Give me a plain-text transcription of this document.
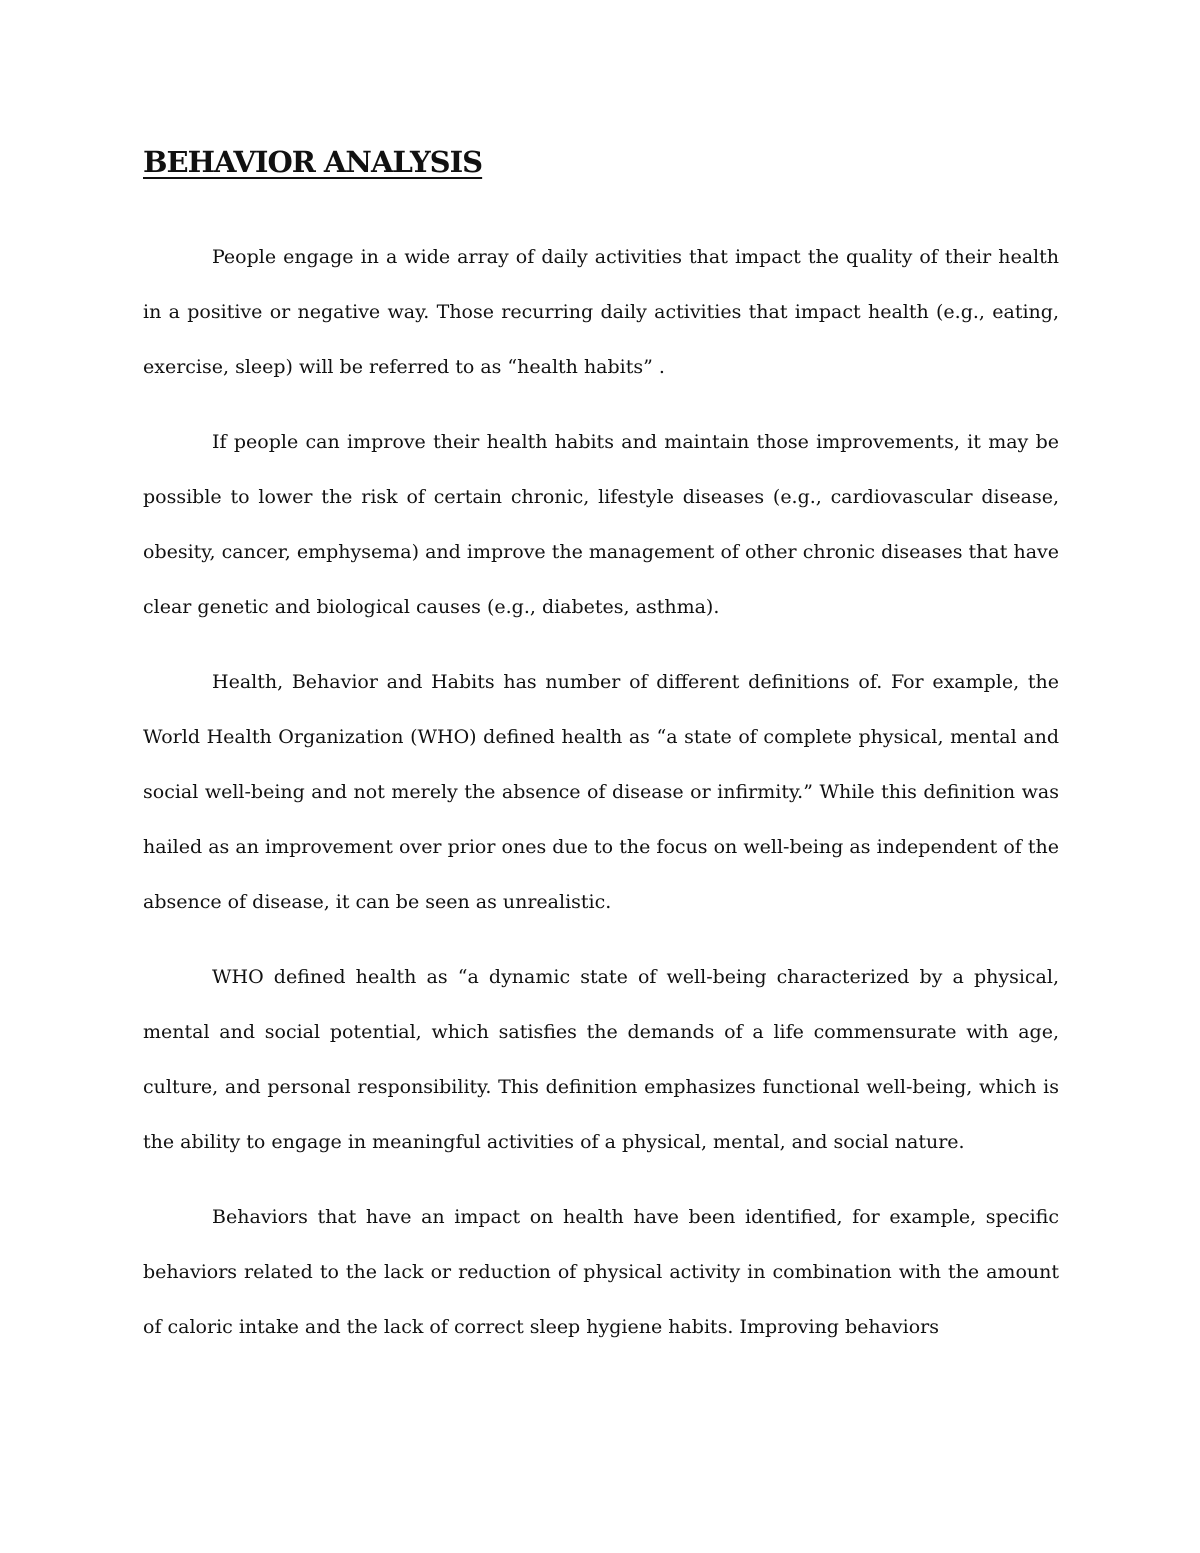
BEHAVIOR ANALYSIS

People engage in a wide array of daily activities that impact the quality of their health in a positive or negative way. Those recurring daily activities that impact health (e.g., eating, exercise, sleep) will be referred to as “health habits” .

If people can improve their health habits and maintain those improvements, it may be possible to lower the risk of certain chronic, lifestyle diseases (e.g., cardiovascular disease, obesity, cancer, emphysema) and improve the management of other chronic diseases that have clear genetic and biological causes (e.g., diabetes, asthma).

Health, Behavior and Habits has number of different definitions of. For example, the World Health Organization (WHO) defined health as “a state of complete physical, mental and social well-being and not merely the absence of disease or infirmity.” While this definition was hailed as an improvement over prior ones due to the focus on well-being as independent of the absence of disease, it can be seen as unrealistic.

WHO defined health as “a dynamic state of well-being characterized by a physical, mental and social potential, which satisfies the demands of a life commensurate with age, culture, and personal responsibility. This definition emphasizes functional well-being, which is the ability to engage in meaningful activities of a physical, mental, and social nature.

Behaviors that have an impact on health have been identified, for example, specific behaviors related to the lack or reduction of physical activity in combination with the amount of caloric intake and the lack of correct sleep hygiene habits. Improving behaviors
